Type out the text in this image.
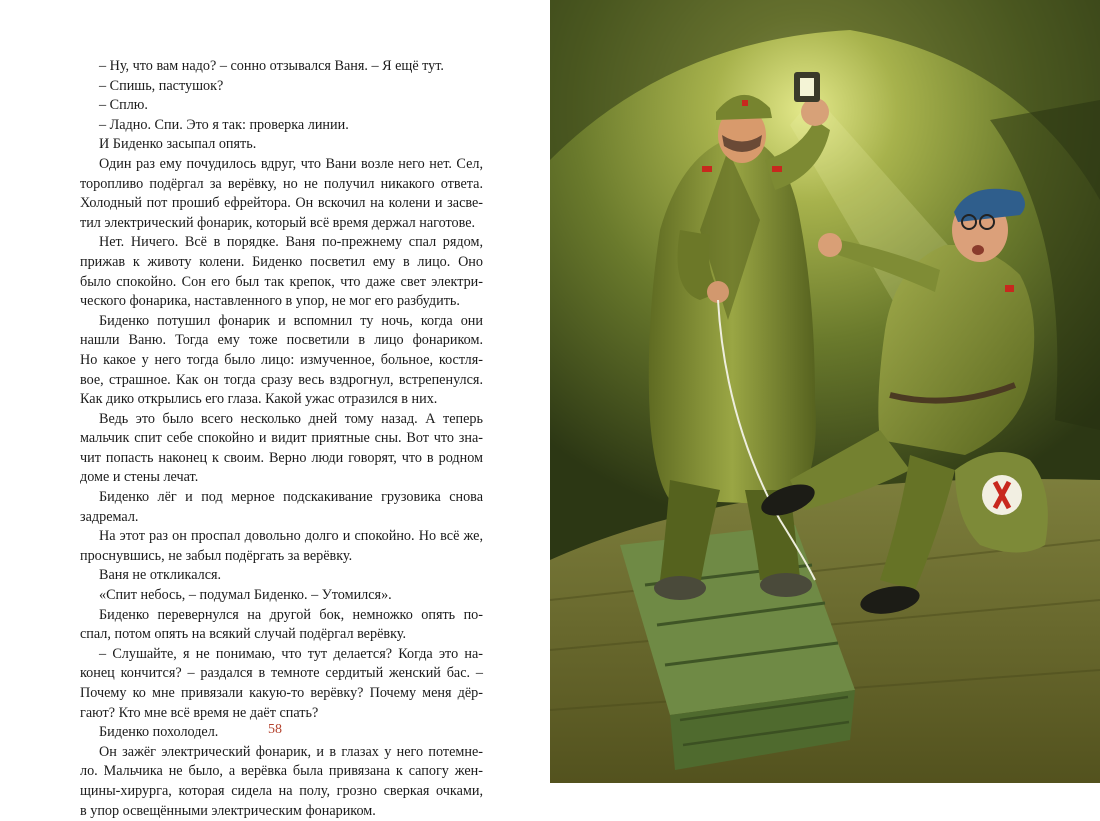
– Ну, что вам надо? – сонно отзывался Ваня. – Я ещё тут.
– Спишь, пастушок?
– Сплю.
– Ладно. Спи. Это я так: проверка линии.
И Биденко засыпал опять.
Один раз ему почудилось вдруг, что Вани возле него нет. Сел,
торопливо подёргал за верёвку, но не получил никакого ответа.
Холодный пот прошиб ефрейтора. Он вскочил на колени и засве-
тил электрический фонарик, который всё время держал наготове.
Нет. Ничего. Всё в порядке. Ваня по-прежнему спал рядом,
прижав к животу колени. Биденко посветил ему в лицо. Оно
было спокойно. Сон его был так крепок, что даже свет электри-
ческого фонарика, наставленного в упор, не мог его разбудить.
Биденко потушил фонарик и вспомнил ту ночь, когда они
нашли Ваню. Тогда ему тоже посветили в лицо фонариком.
Но какое у него тогда было лицо: измученное, больное, костля-
вое, страшное. Как он тогда сразу весь вздрогнул, встрепенулся.
Как дико открылись его глаза. Какой ужас отразился в них.
Ведь это было всего несколько дней тому назад. А теперь
мальчик спит себе спокойно и видит приятные сны. Вот что зна-
чит попасть наконец к своим. Верно люди говорят, что в родном
доме и стены лечат.
Биденко лёг и под мерное подскакивание грузовика снова
задремал.
На этот раз он проспал довольно долго и спокойно. Но всё же,
проснувшись, не забыл подёргать за верёвку.
Ваня не откликался.
«Спит небось, – подумал Биденко. – Утомился».
Биденко перевернулся на другой бок, немножко опять по-
спал, потом опять на всякий случай подёргал верёвку.
– Слушайте, я не понимаю, что тут делается? Когда это на-
конец кончится? – раздался в темноте сердитый женский бас. –
Почему ко мне привязали какую-то верёвку? Почему меня дёр-
гают? Кто мне всё время не даёт спать?
Биденко похолодел.
Он зажёг электрический фонарик, и в глазах у него потемне-
ло. Мальчика не было, а верёвка была привязана к сапогу жен-
щины-хирурга, которая сидела на полу, грозно сверкая очками,
в упор освещёнными электрическим фонариком.
58
